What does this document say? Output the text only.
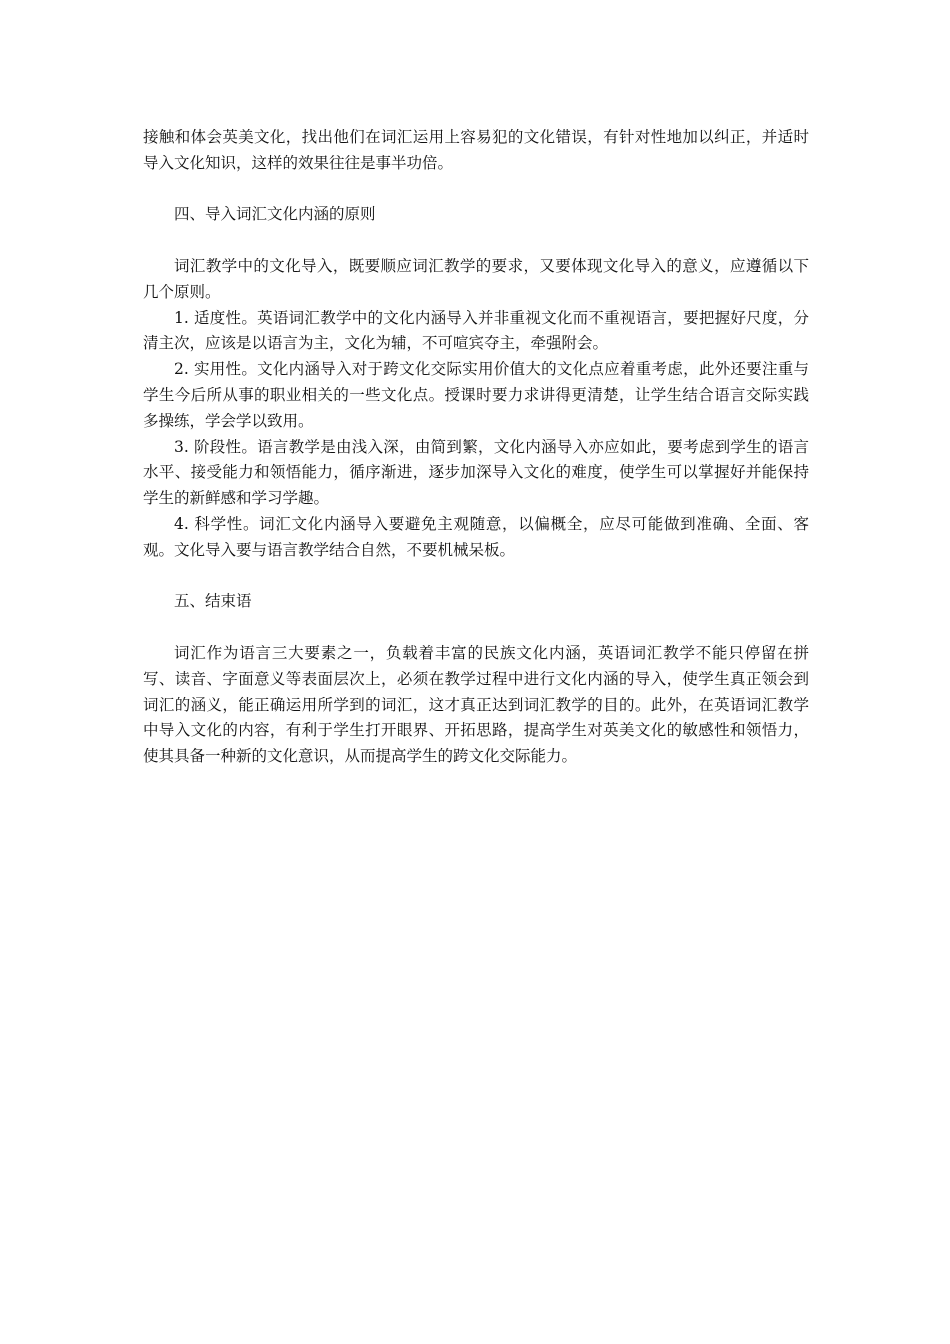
接触和体会英美文化，找出他们在词汇运用上容易犯的文化错误，有针对性地加以纠正，并适时导入文化知识，这样的效果往往是事半功倍。

四、导入词汇文化内涵的原则

词汇教学中的文化导入，既要顺应词汇教学的要求，又要体现文化导入的意义，应遵循以下几个原则。

1. 适度性。英语词汇教学中的文化内涵导入并非重视文化而不重视语言，要把握好尺度，分清主次，应该是以语言为主，文化为辅，不可喧宾夺主，牵强附会。

2. 实用性。文化内涵导入对于跨文化交际实用价值大的文化点应着重考虑，此外还要注重与学生今后所从事的职业相关的一些文化点。授课时要力求讲得更清楚，让学生结合语言交际实践多操练，学会学以致用。

3. 阶段性。语言教学是由浅入深，由简到繁，文化内涵导入亦应如此，要考虑到学生的语言水平、接受能力和领悟能力，循序渐进，逐步加深导入文化的难度，使学生可以掌握好并能保持学生的新鲜感和学习学趣。

4. 科学性。词汇文化内涵导入要避免主观随意，以偏概全，应尽可能做到准确、全面、客观。文化导入要与语言教学结合自然，不要机械呆板。

五、结束语

词汇作为语言三大要素之一，负载着丰富的民族文化内涵，英语词汇教学不能只停留在拼写、读音、字面意义等表面层次上，必须在教学过程中进行文化内涵的导入，使学生真正领会到词汇的涵义，能正确运用所学到的词汇，这才真正达到词汇教学的目的。此外，在英语词汇教学中导入文化的内容，有利于学生打开眼界、开拓思路，提高学生对英美文化的敏感性和领悟力，使其具备一种新的文化意识，从而提高学生的跨文化交际能力。
